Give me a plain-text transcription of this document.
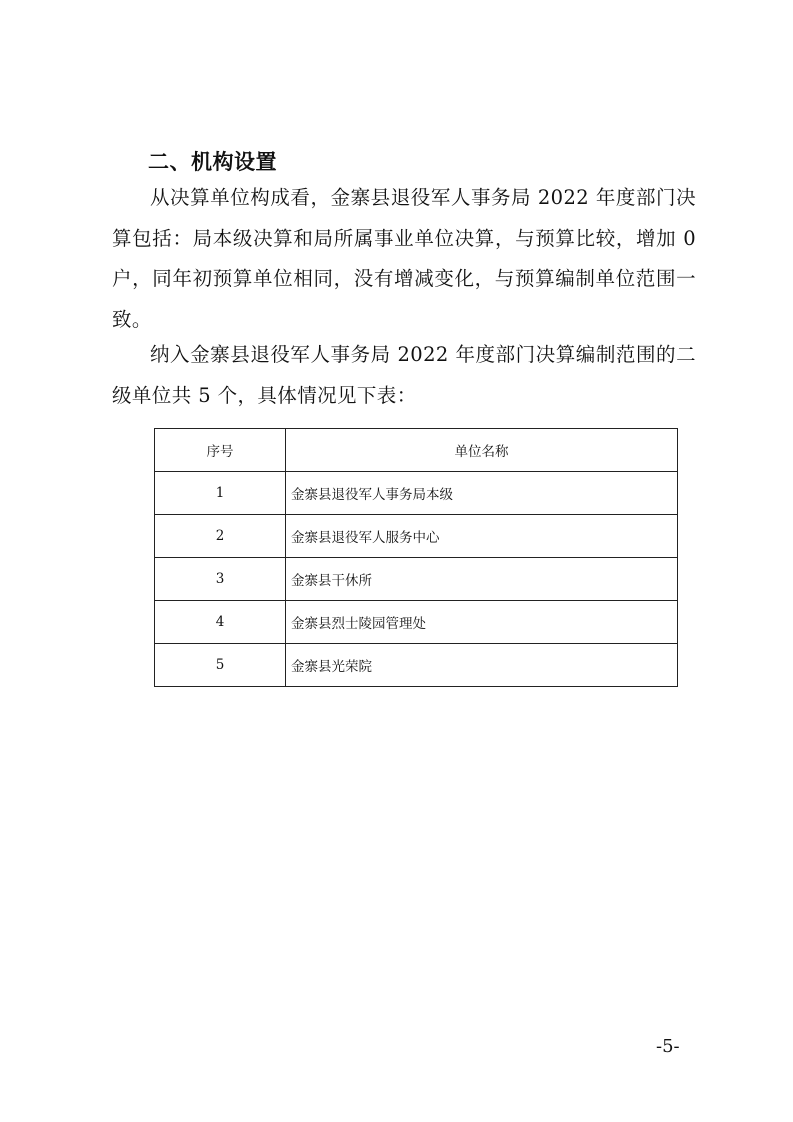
二、机构设置

从决算单位构成看，金寨县退役军人事务局 2022 年度部门决算包括：局本级决算和局所属事业单位决算，与预算比较，增加 0 户，同年初预算单位相同，没有增减变化，与预算编制单位范围一致。

纳入金寨县退役军人事务局 2022 年度部门决算编制范围的二级单位共 5 个，具体情况见下表：

序号	单位名称
1	金寨县退役军人事务局本级
2	金寨县退役军人服务中心
3	金寨县干休所
4	金寨县烈士陵园管理处
5	金寨县光荣院

-5-
